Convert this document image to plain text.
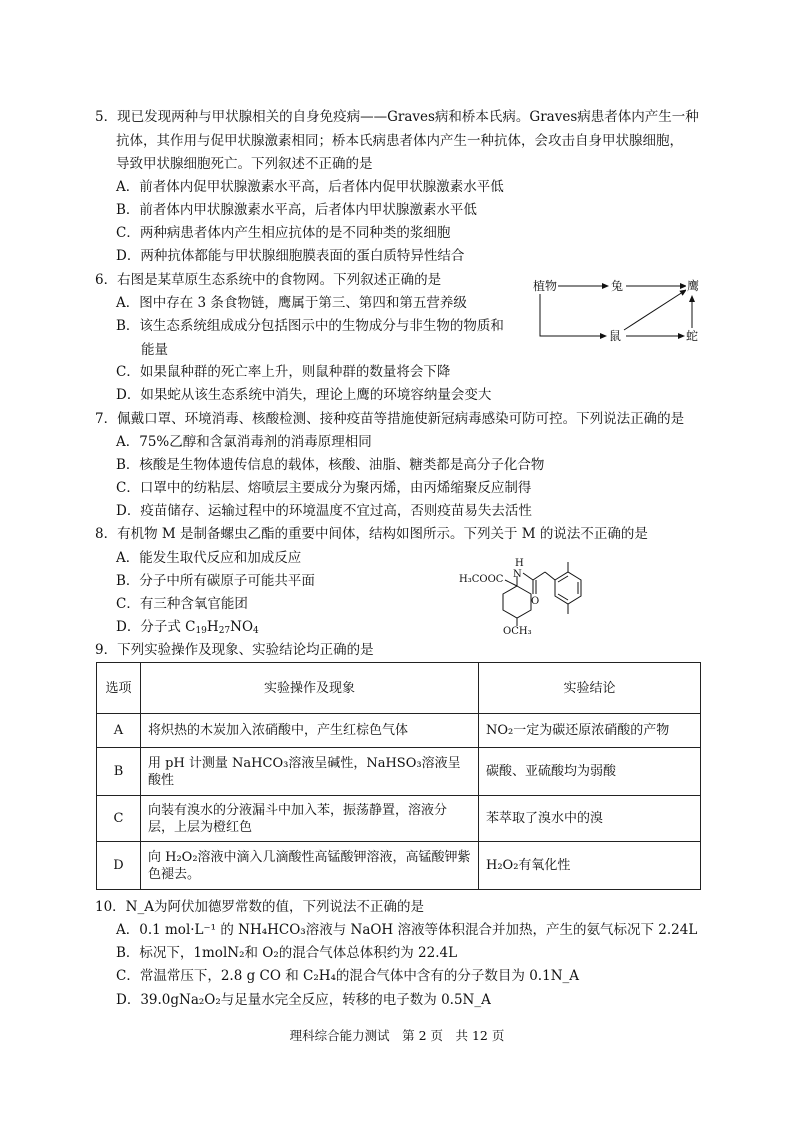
5．现已发现两种与甲状腺相关的自身免疫病——Graves病和桥本氏病。Graves病患者体内产生一种
抗体，其作用与促甲状腺激素相同；桥本氏病患者体内产生一种抗体，会攻击自身甲状腺细胞，
导致甲状腺细胞死亡。下列叙述不正确的是
A．前者体内促甲状腺激素水平高，后者体内促甲状腺激素水平低
B．前者体内甲状腺激素水平高，后者体内甲状腺激素水平低
C．两种病患者体内产生相应抗体的是不同种类的浆细胞
D．两种抗体都能与甲状腺细胞膜表面的蛋白质特异性结合
6．右图是某草原生态系统中的食物网。下列叙述正确的是
A．图中存在 3 条食物链，鹰属于第三、第四和第五营养级
B．该生态系统组成成分包括图示中的生物成分与非生物的物质和
能量
C．如果鼠种群的死亡率上升，则鼠种群的数量将会下降
D．如果蛇从该生态系统中消失，理论上鹰的环境容纳量会变大
植物	兔	鹰
鼠	蛇
7．佩戴口罩、环境消毒、核酸检测、接种疫苗等措施使新冠病毒感染可防可控。下列说法正确的是
A．75%乙醇和含氯消毒剂的消毒原理相同
B．核酸是生物体遗传信息的载体，核酸、油脂、糖类都是高分子化合物
C．口罩中的纺粘层、熔喷层主要成分为聚丙烯，由丙烯缩聚反应制得
D．疫苗储存、运输过程中的环境温度不宜过高，否则疫苗易失去活性
8．有机物 M 是制备螺虫乙酯的重要中间体，结构如图所示。下列关于 M 的说法不正确的是
A．能发生取代反应和加成反应
B．分子中所有碳原子可能共平面
C．有三种含氧官能团
D．分子式 $C_{19}H_{27}NO_4$
H
N
H₃COOC
O
OCH₃
9．下列实验操作及现象、实验结论均正确的是
选项	实验操作及现象	实验结论
A	将炽热的木炭加入浓硝酸中，产生红棕色气体	NO₂一定为碳还原浓硝酸的产物
B	用 pH 计测量 NaHCO₃溶液呈碱性，NaHSO₃溶液呈酸性	碳酸、亚硫酸均为弱酸
C	向装有溴水的分液漏斗中加入苯，振荡静置，溶液分层，上层为橙红色	苯萃取了溴水中的溴
D	向 H₂O₂溶液中滴入几滴酸性高锰酸钾溶液，高锰酸钾紫色褪去。	H₂O₂有氧化性
10．N_A为阿伏加德罗常数的值，下列说法不正确的是
A．0.1 mol·L⁻¹ 的 NH₄HCO₃溶液与 NaOH 溶液等体积混合并加热，产生的氨气标况下 2.24L
B．标况下，1molN₂和 O₂的混合气体总体积约为 22.4L
C．常温常压下，2.8 g CO 和 C₂H₄的混合气体中含有的分子数目为 0.1N_A
D．39.0gNa₂O₂与足量水完全反应，转移的电子数为 0.5N_A
理科综合能力测试　第 2 页　共 12 页
